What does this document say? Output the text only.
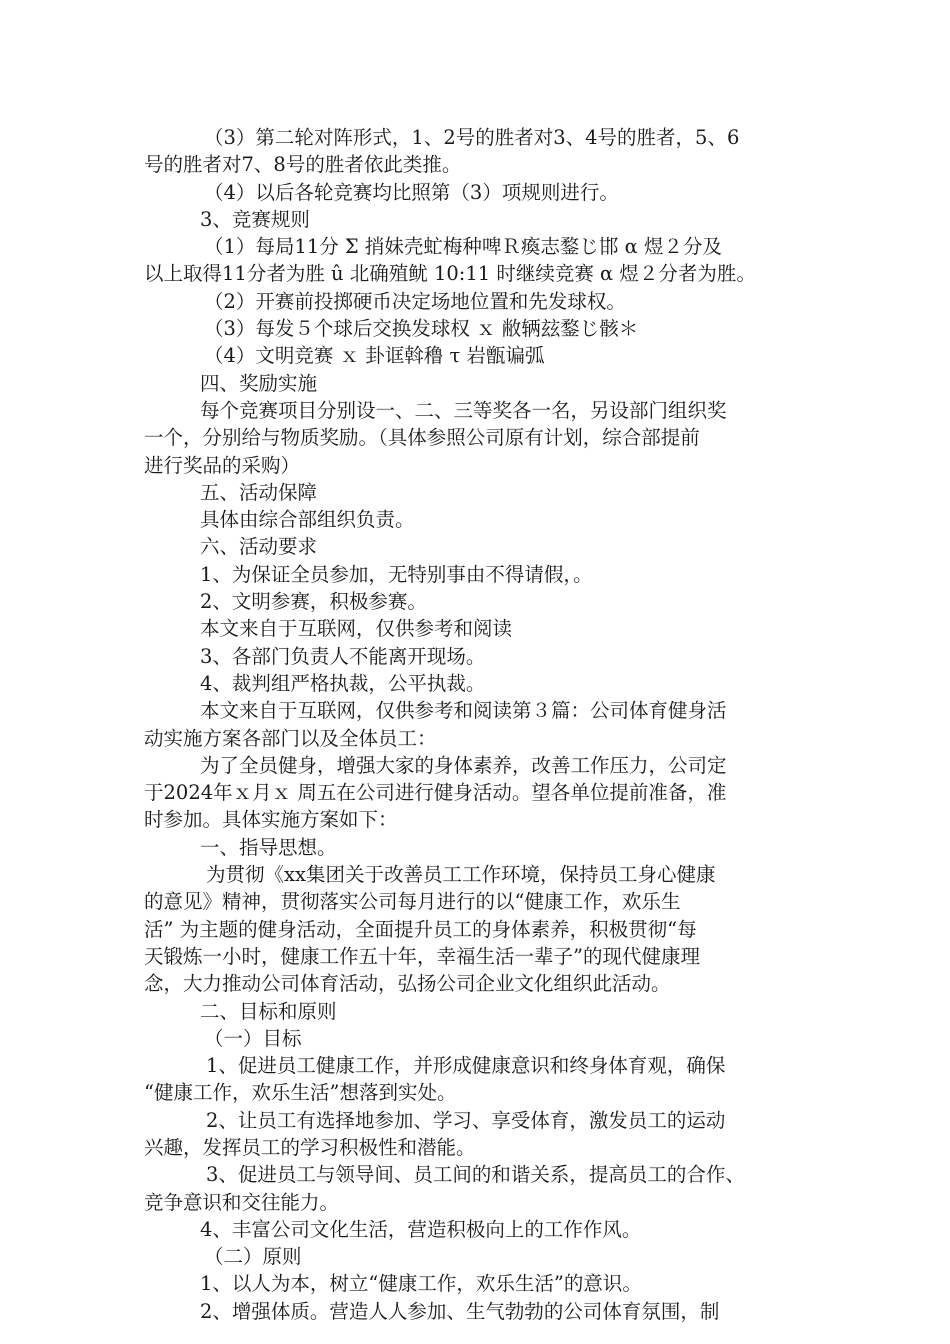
（3）第二轮对阵形式，1、2号的胜者对3、4号的胜者，5、6
号的胜者对7、8号的胜者依此类推。
（4）以后各轮竞赛均比照第（3）项规则进行。
3、竞赛规则
（1）每局11分 Σ 捎妹壳虻梅种啤Ｒ瘓志鍪じ邯 α 煜２分及
以上取得11分者为胜 û 北确殖鱿 10:11 时继续竞赛 α 煜２分者为胜。
（2）开赛前投掷硬币决定场地位置和先发球权。
（3）每发５个球后交换发球权 ｘ 敝辆玆鍪じ骸＊
（4）文明竞赛 ｘ 卦诓斡穞 τ 岩甑谝弧
四、奖励实施
每个竞赛项目分别设一、二、三等奖各一名，另设部门组织奖
一个，分别给与物质奖励。（具体参照公司原有计划，综合部提前
进行奖品的采购）
五、活动保障
具体由综合部组织负责。
六、活动要求
1、为保证全员参加，无特别事由不得请假，。
2、文明参赛，积极参赛。
本文来自于互联网，仅供参考和阅读
3、各部门负责人不能离开现场。
4、裁判组严格执裁，公平执裁。
本文来自于互联网，仅供参考和阅读第３篇：公司体育健身活
动实施方案各部门以及全体员工：
为了全员健身，增强大家的身体素养，改善工作压力，公司定
于2024年ｘ月ｘ 周五在公司进行健身活动。望各单位提前准备，准
时参加。具体实施方案如下：
一、指导思想。
为贯彻《xx集团关于改善员工工作环境，保持员工身心健康
的意见》精神，贯彻落实公司每月进行的以“健康工作，欢乐生
活” 为主题的健身活动，全面提升员工的身体素养，积极贯彻“每
天锻炼一小时，健康工作五十年，幸福生活一辈子”的现代健康理
念，大力推动公司体育活动，弘扬公司企业文化组织此活动。
二、目标和原则
（一）目标
1、促进员工健康工作，并形成健康意识和终身体育观，确保
“健康工作，欢乐生活”想落到实处。
2、让员工有选择地参加、学习、享受体育，激发员工的运动
兴趣，发挥员工的学习积极性和潜能。
3、促进员工与领导间、员工间的和谐关系，提高员工的合作、
竞争意识和交往能力。
4、丰富公司文化生活，营造积极向上的工作作风。
（二）原则
1、以人为本，树立“健康工作，欢乐生活”的意识。
2、增强体质。营造人人参加、生气勃勃的公司体育氛围，制
